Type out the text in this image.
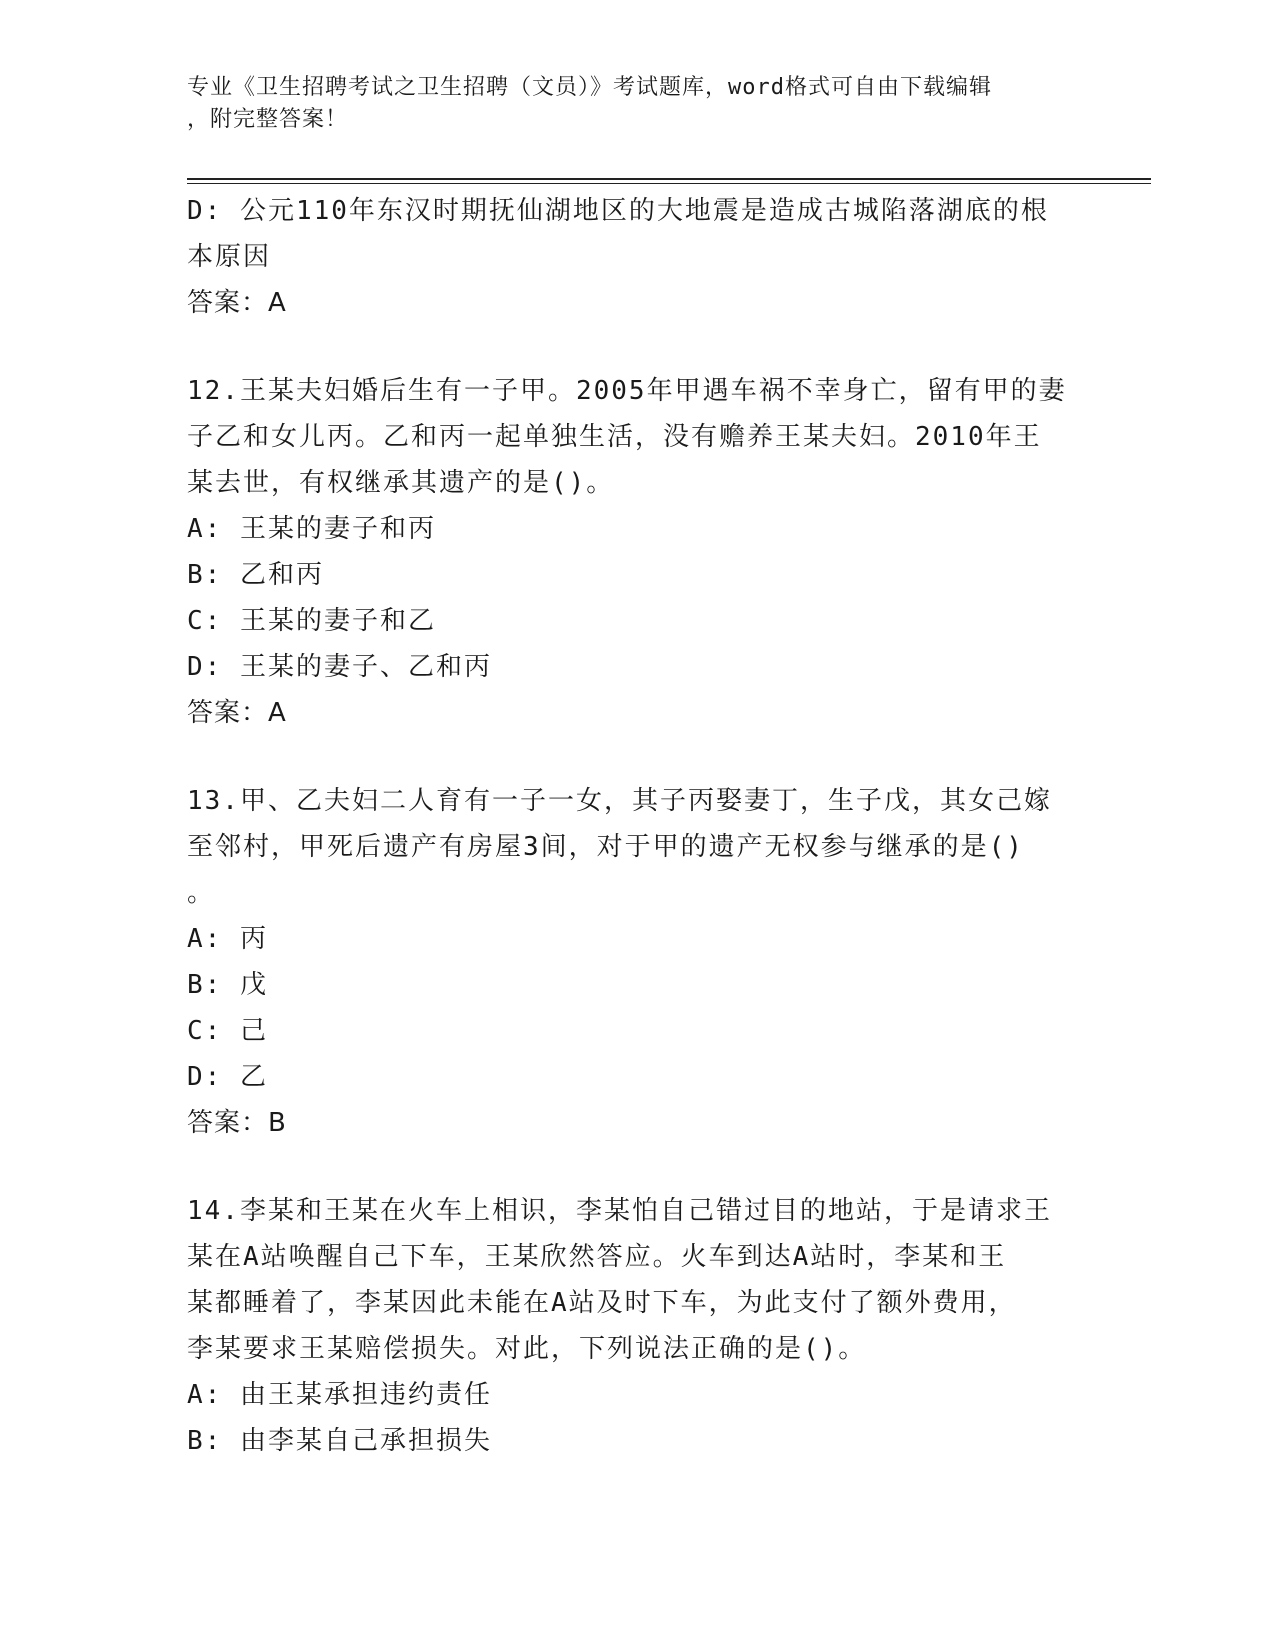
专业《卫生招聘考试之卫生招聘（文员）》考试题库，word格式可自由下载编辑
，附完整答案！
D: 公元110年东汉时期抚仙湖地区的大地震是造成古城陷落湖底的根
本原因
答案：A
12.王某夫妇婚后生有一子甲。2005年甲遇车祸不幸身亡，留有甲的妻
子乙和女儿丙。乙和丙一起单独生活，没有赡养王某夫妇。2010年王
某去世，有权继承其遗产的是()。
A: 王某的妻子和丙
B: 乙和丙
C: 王某的妻子和乙
D: 王某的妻子、乙和丙
答案：A
13.甲、乙夫妇二人育有一子一女，其子丙娶妻丁，生子戊，其女己嫁
至邻村，甲死后遗产有房屋3间，对于甲的遗产无权参与继承的是()
。
A: 丙
B: 戊
C: 己
D: 乙
答案：B
14.李某和王某在火车上相识，李某怕自己错过目的地站，于是请求王
某在A站唤醒自己下车，王某欣然答应。火车到达A站时，李某和王
某都睡着了，李某因此未能在A站及时下车，为此支付了额外费用，
李某要求王某赔偿损失。对此，下列说法正确的是()。
A: 由王某承担违约责任
B: 由李某自己承担损失
